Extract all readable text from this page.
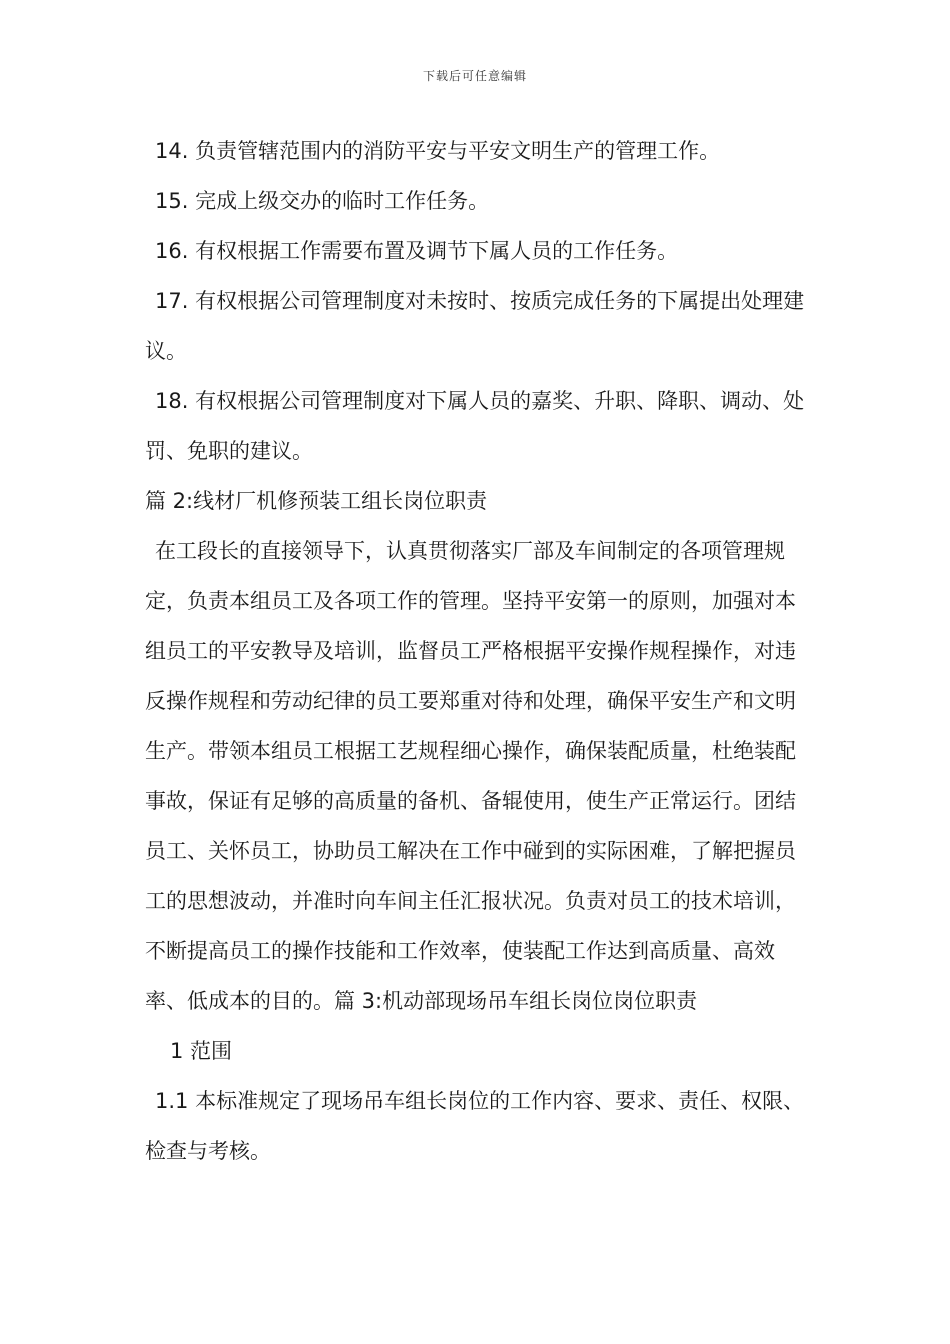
下载后可任意编辑

14. 负责管辖范围内的消防平安与平安文明生产的管理工作。

15. 完成上级交办的临时工作任务。

16. 有权根据工作需要布置及调节下属人员的工作任务。

17. 有权根据公司管理制度对未按时、按质完成任务的下属提出处理建议。

18. 有权根据公司管理制度对下属人员的嘉奖、升职、降职、调动、处罚、免职的建议。

篇 2:线材厂机修预装工组长岗位职责

在工段长的直接领导下，认真贯彻落实厂部及车间制定的各项管理规定，负责本组员工及各项工作的管理。坚持平安第一的原则，加强对本组员工的平安教导及培训，监督员工严格根据平安操作规程操作，对违反操作规程和劳动纪律的员工要郑重对待和处理，确保平安生产和文明生产。带领本组员工根据工艺规程细心操作，确保装配质量，杜绝装配事故，保证有足够的高质量的备机、备辊使用，使生产正常运行。团结员工、关怀员工，协助员工解决在工作中碰到的实际困难，了解把握员工的思想波动，并准时向车间主任汇报状况。负责对员工的技术培训，不断提高员工的操作技能和工作效率，使装配工作达到高质量、高效率、低成本的目的。篇 3:机动部现场吊车组长岗位岗位职责

1 范围

1.1 本标准规定了现场吊车组长岗位的工作内容、要求、责任、权限、检查与考核。
